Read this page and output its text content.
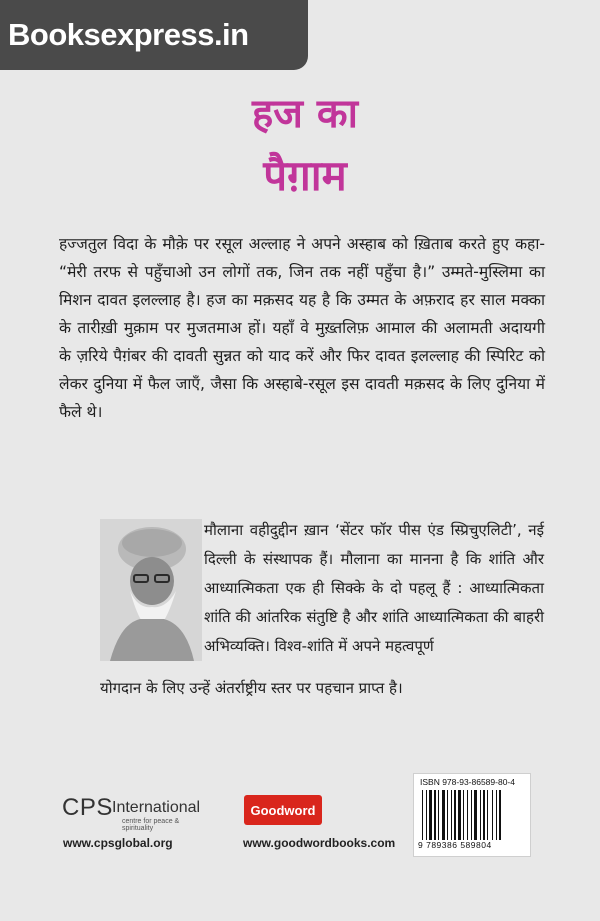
Booksexpress.in
हज का
पैग़ाम

हज्जतुल विदा के मौक़े पर रसूल अल्लाह ने अपने अस्हाब को ख़िताब करते हुए कहा- “मेरी तरफ से पहुँचाओ उन लोगों तक, जिन तक नहीं पहुँचा है।” उम्मते-मुस्लिमा का मिशन दावत इलल्लाह है। हज का मक़सद यह है कि उम्मत के अफ़राद हर साल मक्का के तारीख़ी मुक़ाम पर मुजतमाअ हों। यहाँ वे मुख़्तलिफ़ आमाल की अलामती अदायगी के ज़रिये पैग़ंबर की दावती सुन्नत को याद करें और फिर दावत इलल्लाह की स्पिरिट को लेकर दुनिया में फैल जाएँ, जैसा कि अस्हाबे-रसूल इस दावती मक़सद के लिए दुनिया में फैले थे।

मौलाना वहीदुद्दीन ख़ान ‘सेंटर फॉर पीस एंड स्प्रिचुएलिटी’, नई दिल्ली के संस्थापक हैं। मौलाना का मानना है कि शांति और आध्यात्मिकता एक ही सिक्के के दो पहलू हैं : आध्यात्मिकता शांति की आंतरिक संतुष्टि है और शांति आध्यात्मिकता की बाहरी अभिव्यक्ति। विश्व-शांति में अपने महत्वपूर्ण

योगदान के लिए उन्हें अंतर्राष्ट्रीय स्तर पर पहचान प्राप्त है।

CPS International
centre for peace & spirituality
www.cpsglobal.org
Goodword
www.goodwordbooks.com
ISBN 978-93-86589-80-4
9 789386 589804
